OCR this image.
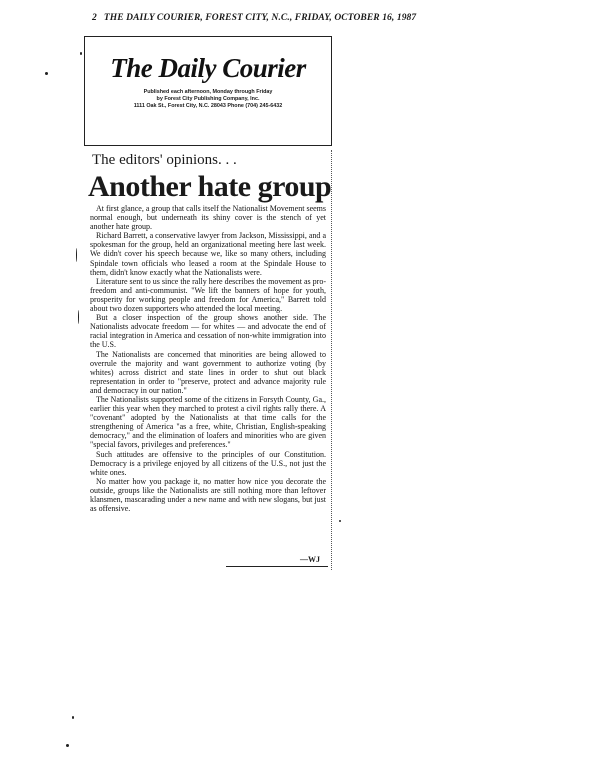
2 THE DAILY COURIER, FOREST CITY, N.C., FRIDAY, OCTOBER 16, 1987
The Daily Courier
Published each afternoon, Monday through Friday
by Forest City Publishing Company, Inc.
1111 Oak St., Forest City, N.C. 28043 Phone (704) 245-6432
The editors' opinions. . .
Another hate group

At first glance, a group that calls itself the Nationalist Movement seems normal enough, but underneath its shiny cover is the stench of yet another hate group.

Richard Barrett, a conservative lawyer from Jackson, Mississippi, and a spokesman for the group, held an organizational meeting here last week. We didn't cover his speech because we, like so many others, including Spindale town officials who leased a room at the Spindale House to them, didn't know exactly what the Nationalists were.

Literature sent to us since the rally here describes the movement as pro-freedom and anti-communist. "We lift the banners of hope for youth, prosperity for working people and freedom for America," Barrett told about two dozen supporters who attended the local meeting.

But a closer inspection of the group shows another side. The Nationalists advocate freedom — for whites — and advocate the end of racial integration in America and cessation of non-white immigration into the U.S.

The Nationalists are concerned that minorities are being allowed to overrule the majority and want government to authorize voting (by whites) across district and state lines in order to shut out black representation in order to "preserve, protect and advance majority rule and democracy in our nation."

The Nationalists supported some of the citizens in Forsyth County, Ga., earlier this year when they marched to protest a civil rights rally there. A "covenant" adopted by the Nationalists at that time calls for the strengthening of America "as a free, white, Christian, English-speaking democracy," and the elimination of loafers and minorities who are given "special favors, privileges and preferences."

Such attitudes are offensive to the principles of our Constitution. Democracy is a privilege enjoyed by all citizens of the U.S., not just the white ones.

No matter how you package it, no matter how nice you decorate the outside, groups like the Nationalists are still nothing more than leftover klansmen, mascarading under a new name and with new slogans, but just as offensive.

—WJ
